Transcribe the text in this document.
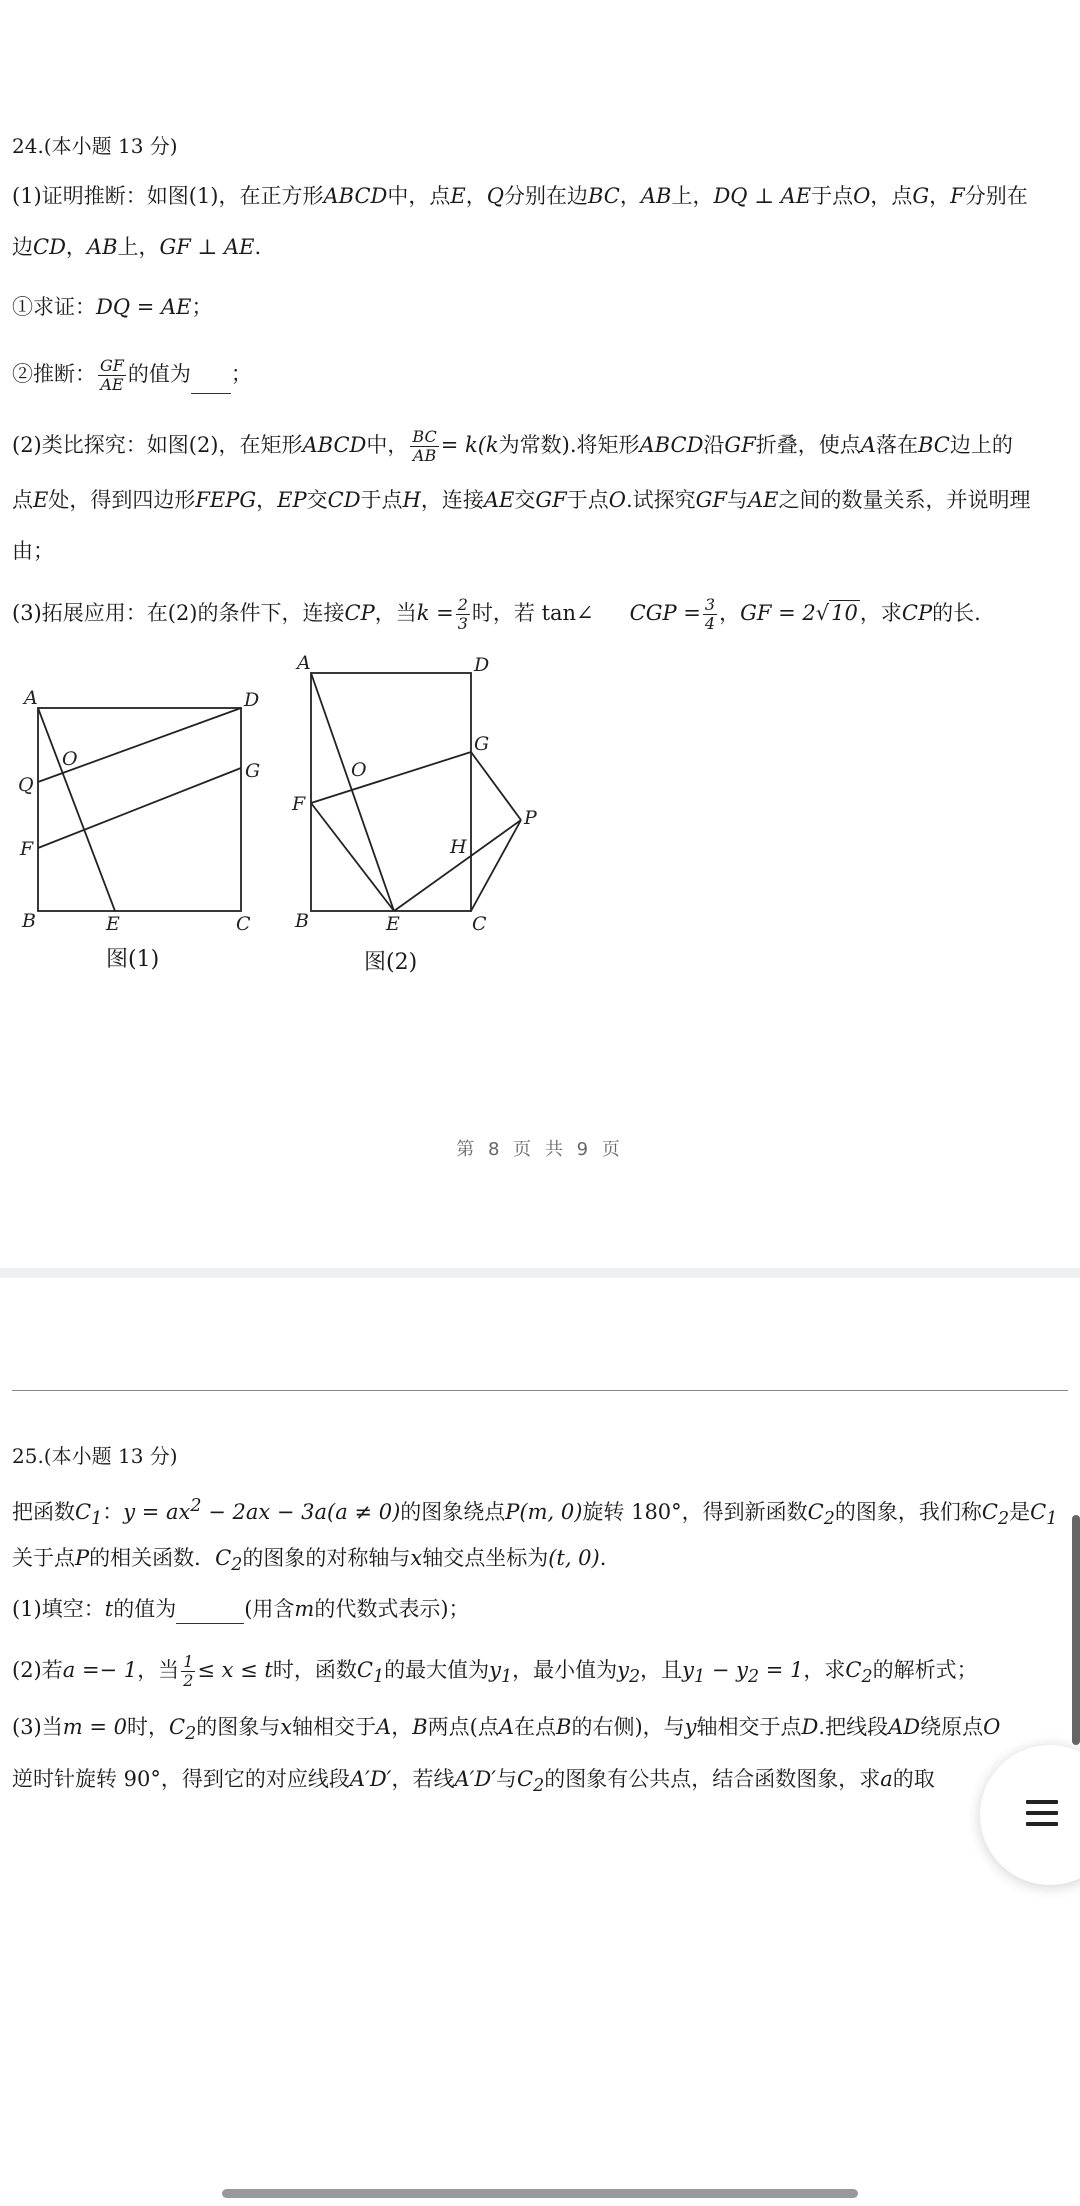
24.(本小题 13 分)
(1)证明推断：如图(1)，在正方形ABCD中，点E，Q分别在边BC，AB上，DQ ⊥ AE于点O，点G，F分别在
边CD，AB上，GF ⊥ AE.
①求证：DQ = AE；
②推断： $\frac{GF}{AE}$ 的值为 ；
(2)类比探究：如图(2)，在矩形ABCD中， $\frac{BC}{AB} = k(k$为常数).将矩形ABCD沿GF折叠，使点A落在BC边上的
点E处，得到四边形FEPG，EP交CD于点H，连接AE交GF于点O.试探究GF与AE之间的数量关系，并说明理
由；
(3)拓展应用：在(2)的条件下，连接CP，当$k = \frac{2}{3}$ 时，若 tan∠ CGP = $\frac{3}{4}$ ，GF = 2√10，求CP的长.
A	D
Q
O
G
F
B	E	C
A	D
G
O
F
P
H
B	E	C
图(1)	图(2)
第 8 页 共 9 页
25.(本小题 13 分)
把函数$C_1$：$y = ax^2 - 2ax - 3a(a \ne 0)$的图象绕点P(m, 0)旋转 180°，得到新函数$C_2$的图象，我们称$C_2$是$C_1$
关于点P的相关函数．$C_2$的图象的对称轴与x轴交点坐标为(t, 0).
(1)填空：t的值为	(用含m的代数式表示)；
(2)若a =− 1，当 $\frac{1}{2} \le x \le t$时，函数$C_1$的最大值为$y_1$，最小值为$y_2$，且$y_1 - y_2 = 1$，求$C_2$的解析式；
(3)当m = 0时，$C_2$的图象与x轴相交于A，B两点(点A在点B的右侧)，与y轴相交于点D.把线段AD绕原点O
逆时针旋转 90°，得到它的对应线段A′D′，若线A′D′与$C_2$的图象有公共点，结合函数图象，求a的取
